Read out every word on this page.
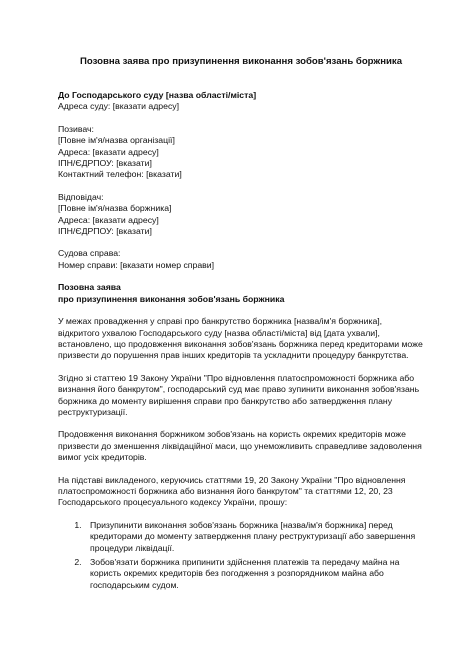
Позовна заява про призупинення виконання зобов'язань боржника
До Господарського суду [назва області/міста]
Адреса суду: [вказати адресу]
Позивач:
[Повне ім'я/назва організації]
Адреса: [вказати адресу]
ІПН/ЄДРПОУ: [вказати]
Контактний телефон: [вказати]
Відповідач:
[Повне ім'я/назва боржника]
Адреса: [вказати адресу]
ІПН/ЄДРПОУ: [вказати]
Судова справа:
Номер справи: [вказати номер справи]
Позовна заява
про призупинення виконання зобов'язань боржника

У межах провадження у справі про банкрутство боржника [назва/ім'я боржника], відкритого ухвалою Господарського суду [назва області/міста] від [дата ухвали], встановлено, що продовження виконання зобов'язань боржника перед кредиторами може призвести до порушення прав інших кредиторів та ускладнити процедуру банкрутства.

Згідно зі статтею 19 Закону України "Про відновлення платоспроможності боржника або визнання його банкрутом", господарський суд має право зупинити виконання зобов'язань боржника до моменту вирішення справи про банкрутство або затвердження плану реструктуризації.

Продовження виконання боржником зобов'язань на користь окремих кредиторів може призвести до зменшення ліквідаційної маси, що унеможливить справедливе задоволення вимог усіх кредиторів.

На підставі викладеного, керуючись статтями 19, 20 Закону України "Про відновлення платоспроможності боржника або визнання його банкрутом" та статтями 12, 20, 23 Господарського процесуального кодексу України, прошу:

1. Призупинити виконання зобов'язань боржника [назва/ім'я боржника] перед кредиторами до моменту затвердження плану реструктуризації або завершення процедури ліквідації.
2. Зобов'язати боржника припинити здійснення платежів та передачу майна на користь окремих кредиторів без погодження з розпорядником майна або господарським судом.
